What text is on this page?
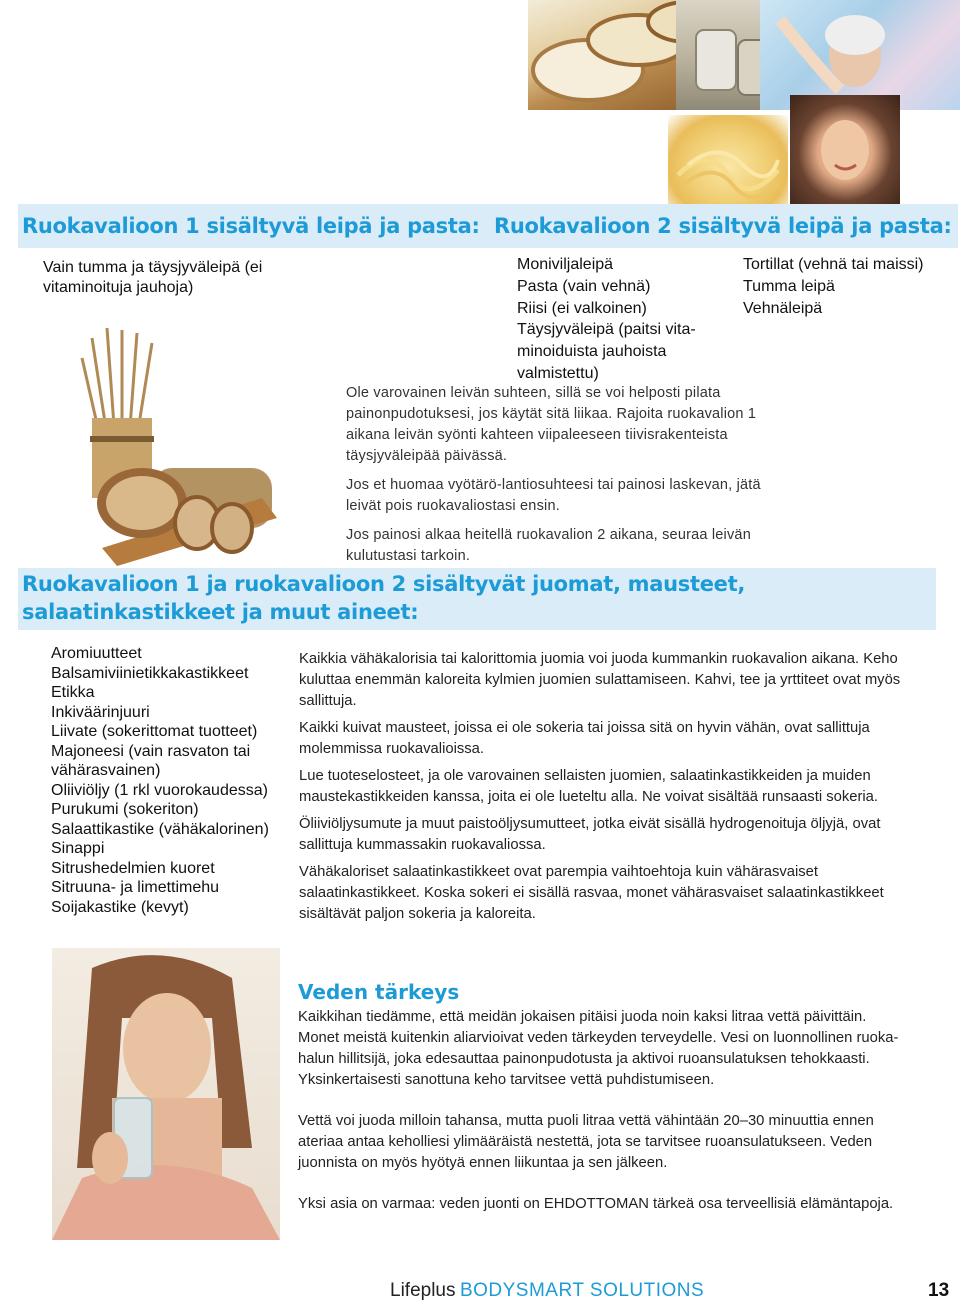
Ruokavalioon 1 sisältyvä leipä ja pasta: Ruokavalioon 2 sisältyvä leipä ja pasta:
Vain tumma ja täysjyväleipä (ei
vitaminoituja jauhoja)
Moniviljaleipä
Pasta (vain vehnä)
Riisi (ei valkoinen)
Täysjyväleipä (paitsi vita-
minoiduista jauhoista
valmistettu)
Tortillat (vehnä tai maissi)
Tumma leipä
Vehnäleipä
Ole varovainen leivän suhteen, sillä se voi helposti pilata
painonpudotuksesi, jos käytät sitä liikaa. Rajoita ruokavalion 1
aikana leivän syönti kahteen viipaleeseen tiivisrakenteista
täysjyväleipää päivässä.
Jos et huomaa vyötärö-lantiosuhteesi tai painosi laskevan, jätä
leivät pois ruokavaliostasi ensin.
Jos painosi alkaa heitellä ruokavalion 2 aikana, seuraa leivän
kulutustasi tarkoin.
Ruokavalioon 1 ja ruokavalioon 2 sisältyvät juomat, mausteet,
salaatinkastikkeet ja muut aineet:
Aromiuutteet
Balsamiviinietikkakastikkeet
Etikka
Inkiväärinjuuri
Liivate (sokerittomat tuotteet)
Majoneesi (vain rasvaton tai
vähärasvainen)
Oliiviöljy (1 rkl vuorokaudessa)
Purukumi (sokeriton)
Salaattikastike (vähäkalorinen)
Sinappi
Sitrushedelmien kuoret
Sitruuna- ja limettimehu
Soijakastike (kevyt)
Kaikkia vähäkalorisia tai kalorittomia juomia voi juoda kummankin ruokavalion aikana. Keho
kuluttaa enemmän kaloreita kylmien juomien sulattamiseen. Kahvi, tee ja yrttiteet ovat myös
sallittuja.
Kaikki kuivat mausteet, joissa ei ole sokeria tai joissa sitä on hyvin vähän, ovat sallittuja
molemmissa ruokavalioissa.
Lue tuoteselosteet, ja ole varovainen sellaisten juomien, salaatinkastikkeiden ja muiden
maustekastikkeiden kanssa, joita ei ole lueteltu alla. Ne voivat sisältää runsaasti sokeria.
Öliiviöljysumute ja muut paistoöljysumutteet, jotka eivät sisällä hydrogenoituja öljyjä, ovat
sallittuja kummassakin ruokavaliossa.
Vähäkaloriset salaatinkastikkeet ovat parempia vaihtoehtoja kuin vähärasvaiset
salaatinkastikkeet. Koska sokeri ei sisällä rasvaa, monet vähärasvaiset salaatinkastikkeet
sisältävät paljon sokeria ja kaloreita.
Veden tärkeys
Kaikkihan tiedämme, että meidän jokaisen pitäisi juoda noin kaksi litraa vettä päivittäin.
Monet meistä kuitenkin aliarvioivat veden tärkeyden terveydelle. Vesi on luonnollinen ruoka-
halun hillitsijä, joka edesauttaa painonpudotusta ja aktivoi ruoansulatuksen tehokkaasti.
Yksinkertaisesti sanottuna keho tarvitsee vettä puhdistumiseen.
Vettä voi juoda milloin tahansa, mutta puoli litraa vettä vähintään 20–30 minuuttia ennen
ateriaa antaa keholliesi ylimääräistä nestettä, jota se tarvitsee ruoansulatukseen. Veden
juonnista on myös hyötyä ennen liikuntaa ja sen jälkeen.
Yksi asia on varmaa: veden juonti on EHDOTTOMAN tärkeä osa terveellisiä elämäntapoja.
Lifeplus BODYSMART SOLUTIONS	13
